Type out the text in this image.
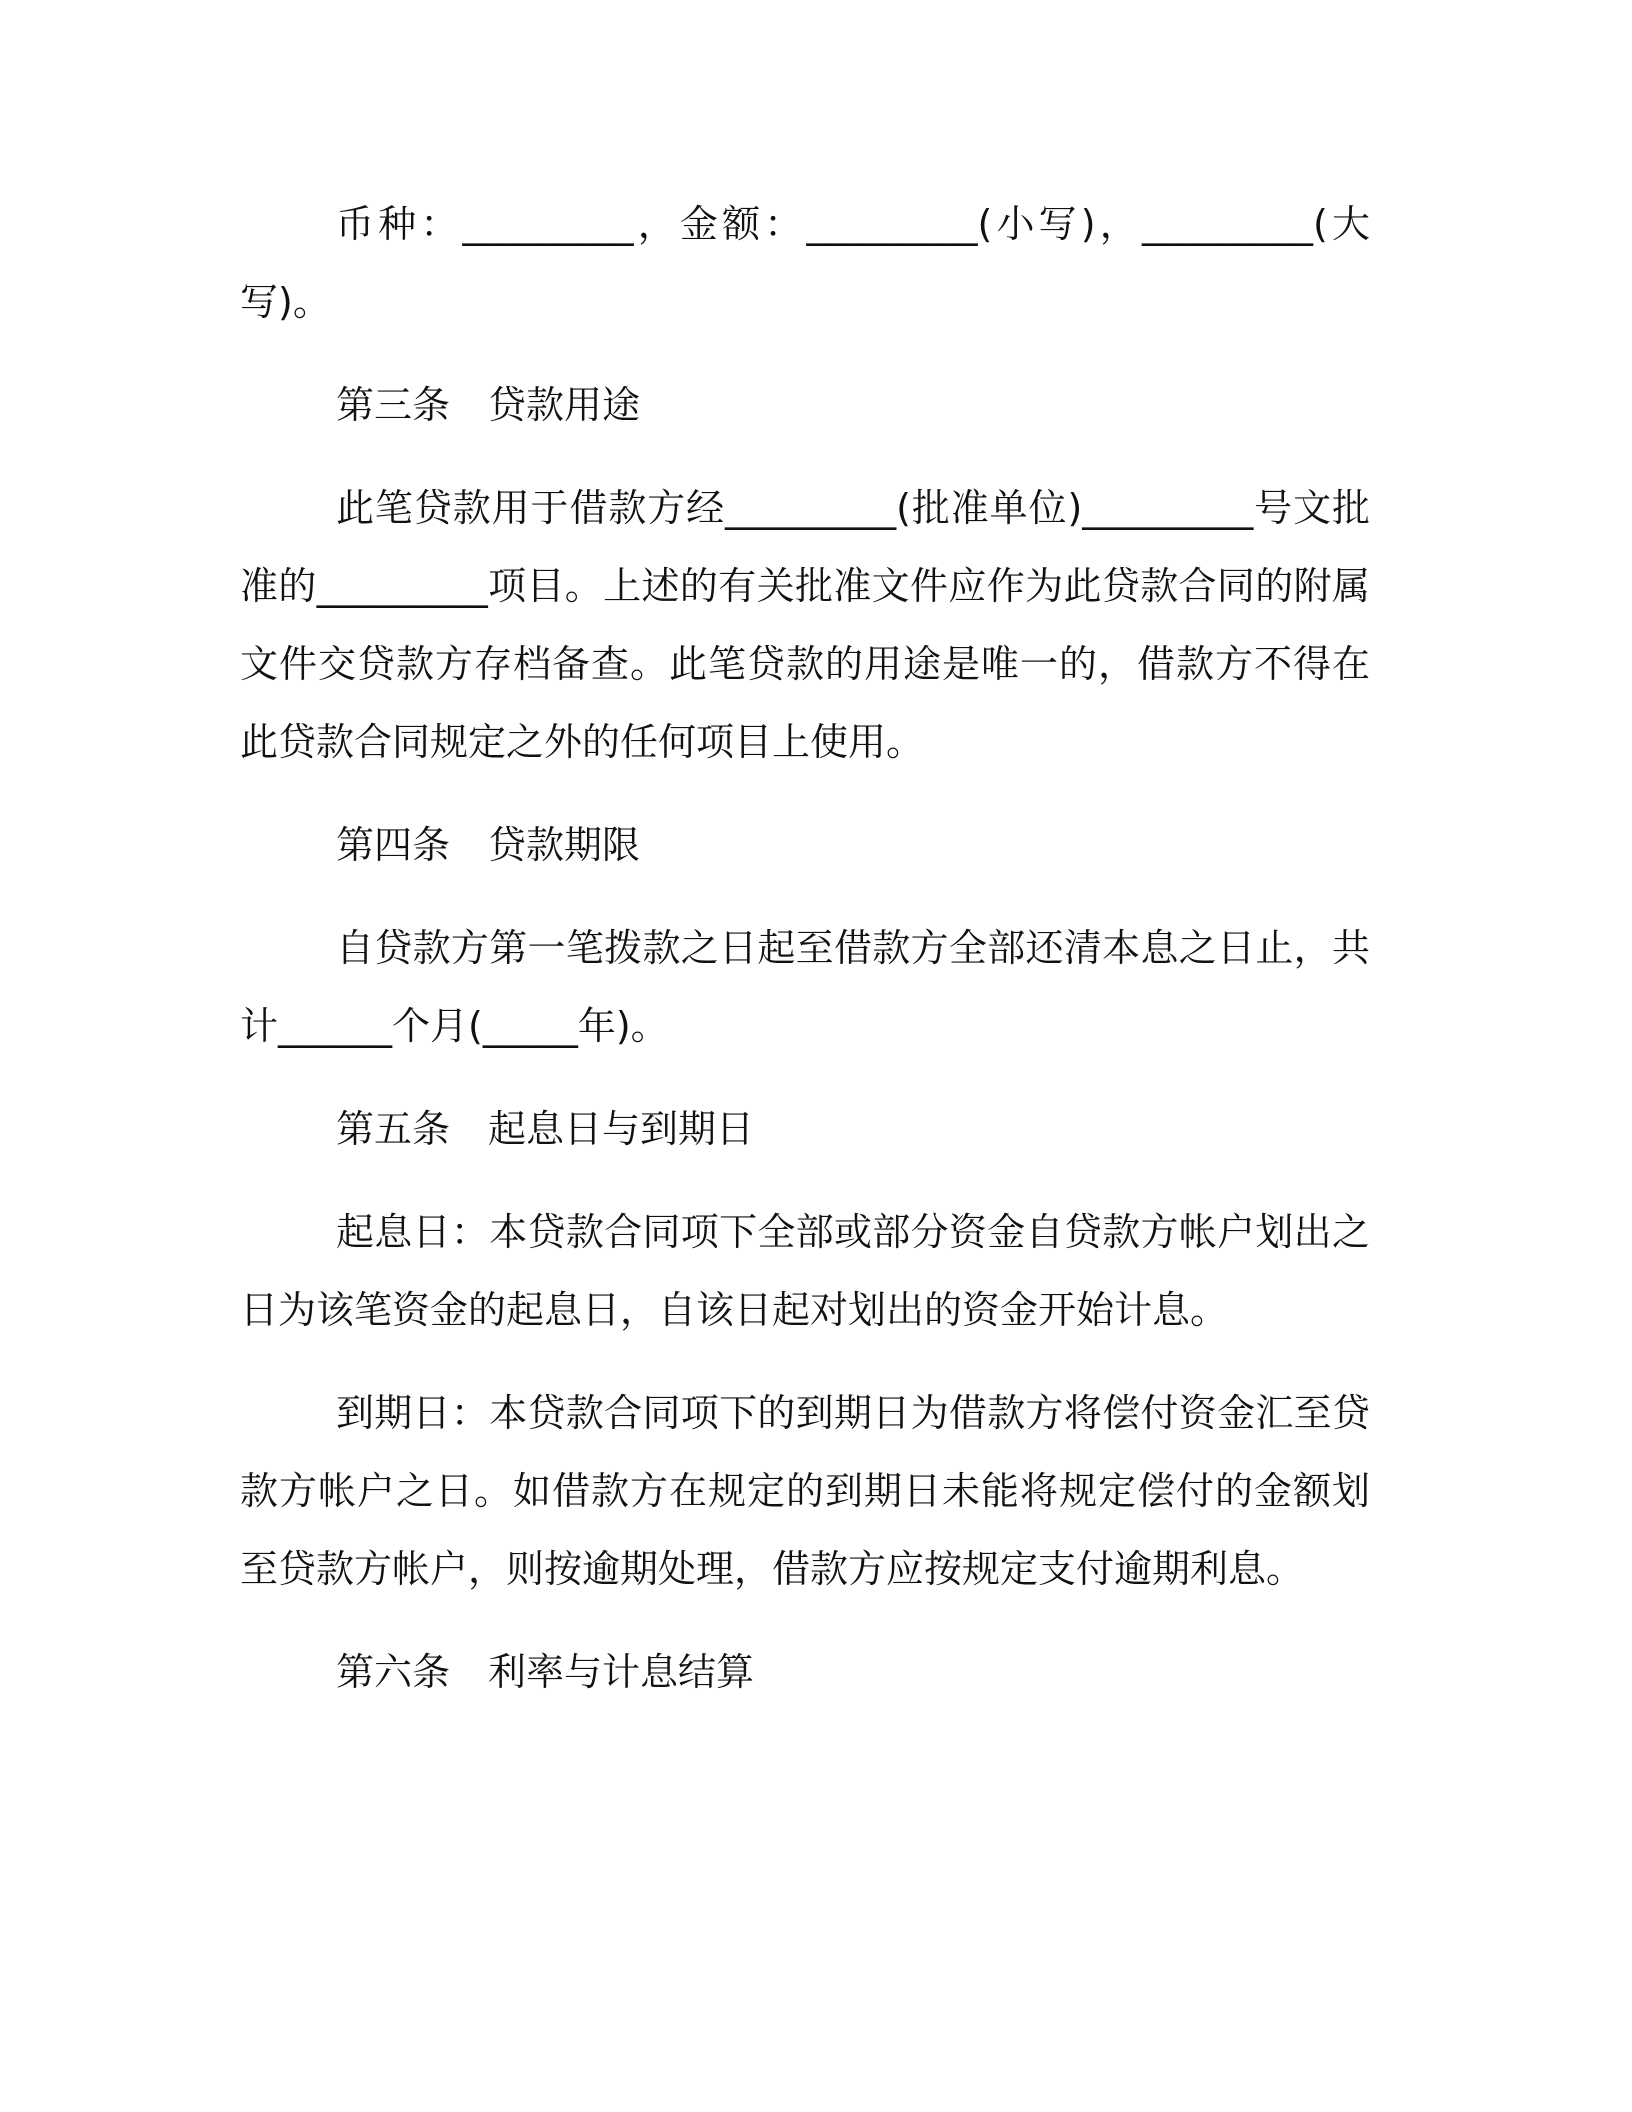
币种：_________，金额：_________(小写)，_________(大写)。

第三条　贷款用途

此笔贷款用于借款方经_________(批准单位)_________号文批准的_________项目。上述的有关批准文件应作为此贷款合同的附属文件交贷款方存档备查。此笔贷款的用途是唯一的，借款方不得在此贷款合同规定之外的任何项目上使用。

第四条　贷款期限

自贷款方第一笔拨款之日起至借款方全部还清本息之日止，共计______个月(_____年)。

第五条　起息日与到期日

起息日：本贷款合同项下全部或部分资金自贷款方帐户划出之日为该笔资金的起息日，自该日起对划出的资金开始计息。

到期日：本贷款合同项下的到期日为借款方将偿付资金汇至贷款方帐户之日。如借款方在规定的到期日未能将规定偿付的金额划至贷款方帐户，则按逾期处理，借款方应按规定支付逾期利息。

第六条　利率与计息结算
